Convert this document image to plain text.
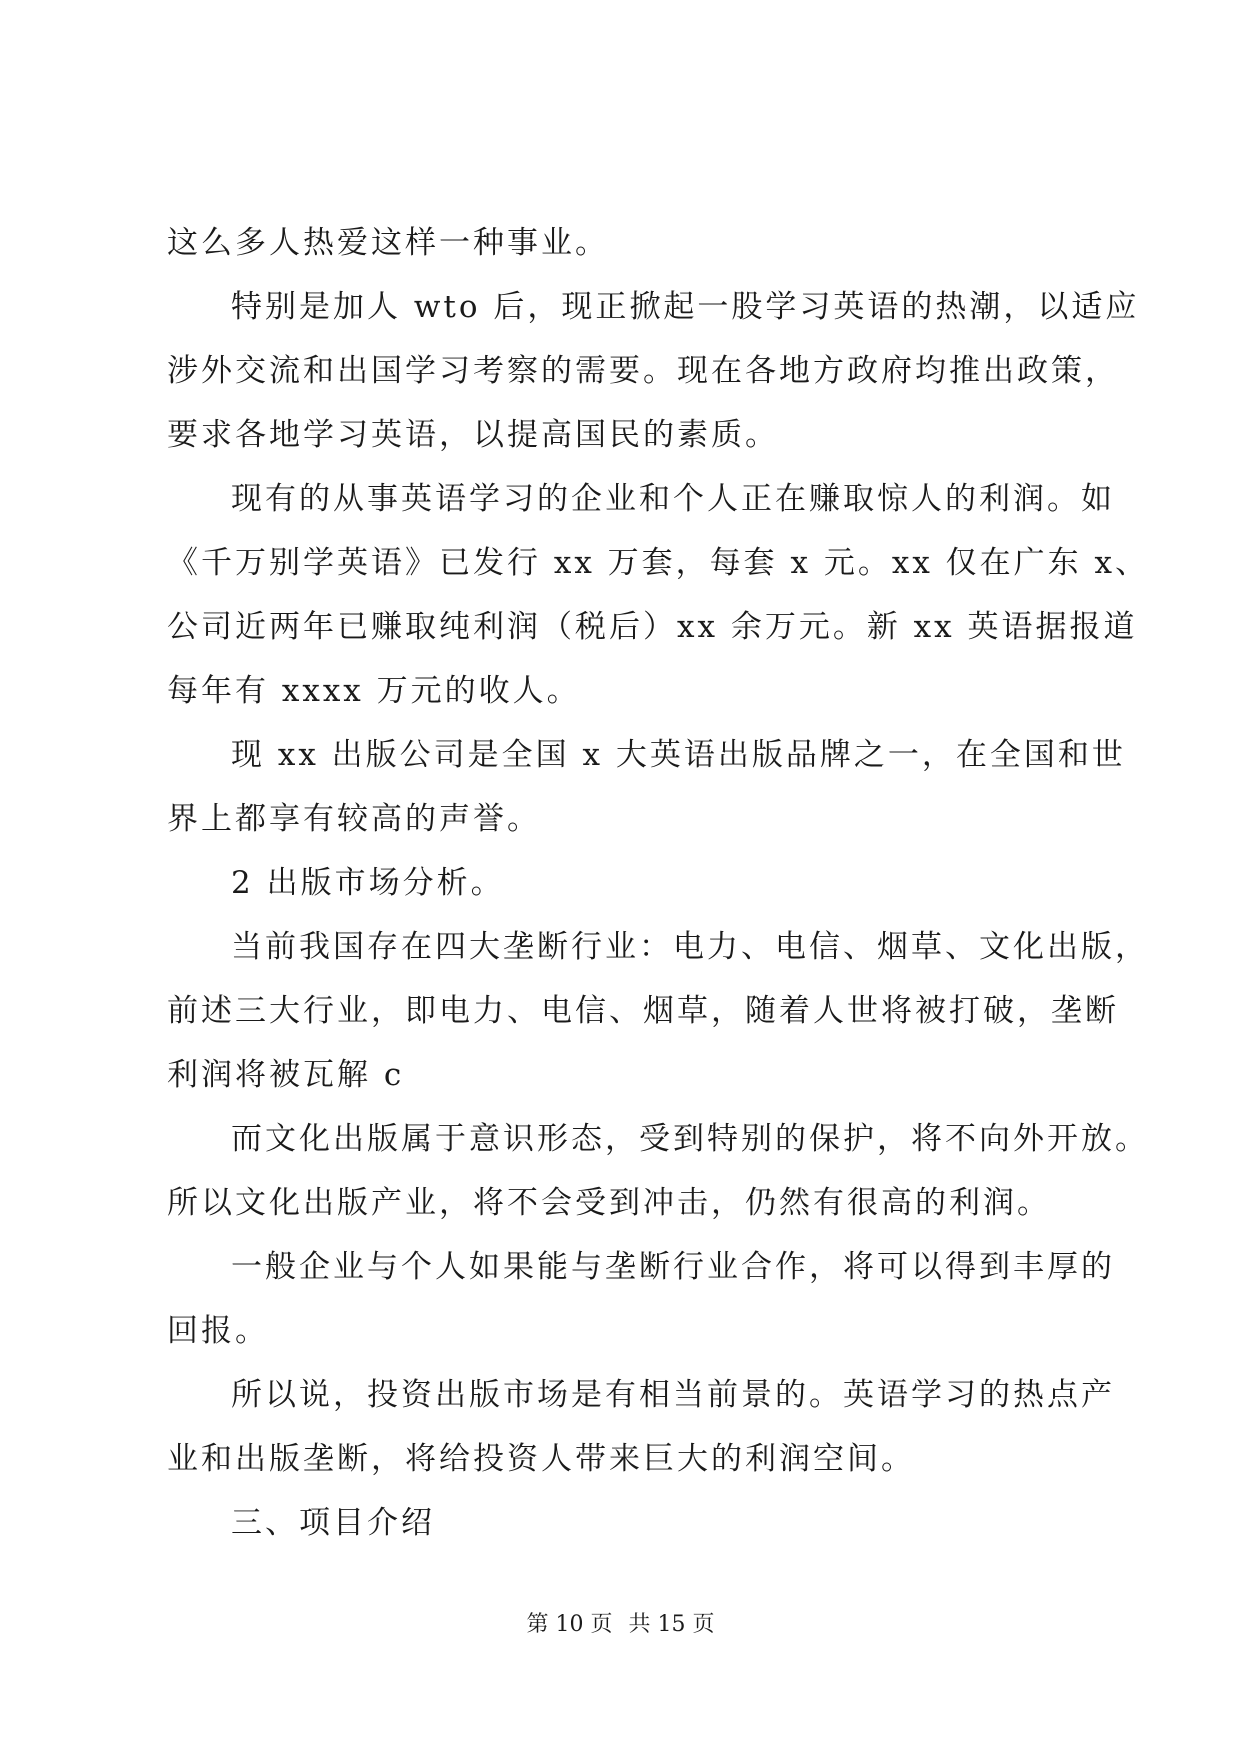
这么多人热爱这样一种事业。
特别是加人 wto 后，现正掀起一股学习英语的热潮，以适应
涉外交流和出国学习考察的需要。现在各地方政府均推出政策，
要求各地学习英语，以提高国民的素质。
现有的从事英语学习的企业和个人正在赚取惊人的利润。如
《千万别学英语》已发行 xx 万套，每套 x 元。xx 仅在广东 x、
公司近两年已赚取纯利润（税后）xx 余万元。新 xx 英语据报道
每年有 xxxx 万元的收人。
现 xx 出版公司是全国 x 大英语出版品牌之一，在全国和世
界上都享有较高的声誉。
2 出版市场分析。
当前我国存在四大垄断行业：电力、电信、烟草、文化出版，
前述三大行业，即电力、电信、烟草，随着人世将被打破，垄断
利润将被瓦解 c
而文化出版属于意识形态，受到特别的保护，将不向外开放。
所以文化出版产业，将不会受到冲击，仍然有很高的利润。
一般企业与个人如果能与垄断行业合作，将可以得到丰厚的
回报。
所以说，投资出版市场是有相当前景的。英语学习的热点产
业和出版垄断，将给投资人带来巨大的利润空间。
三、项目介绍
第 10 页 共 15 页
